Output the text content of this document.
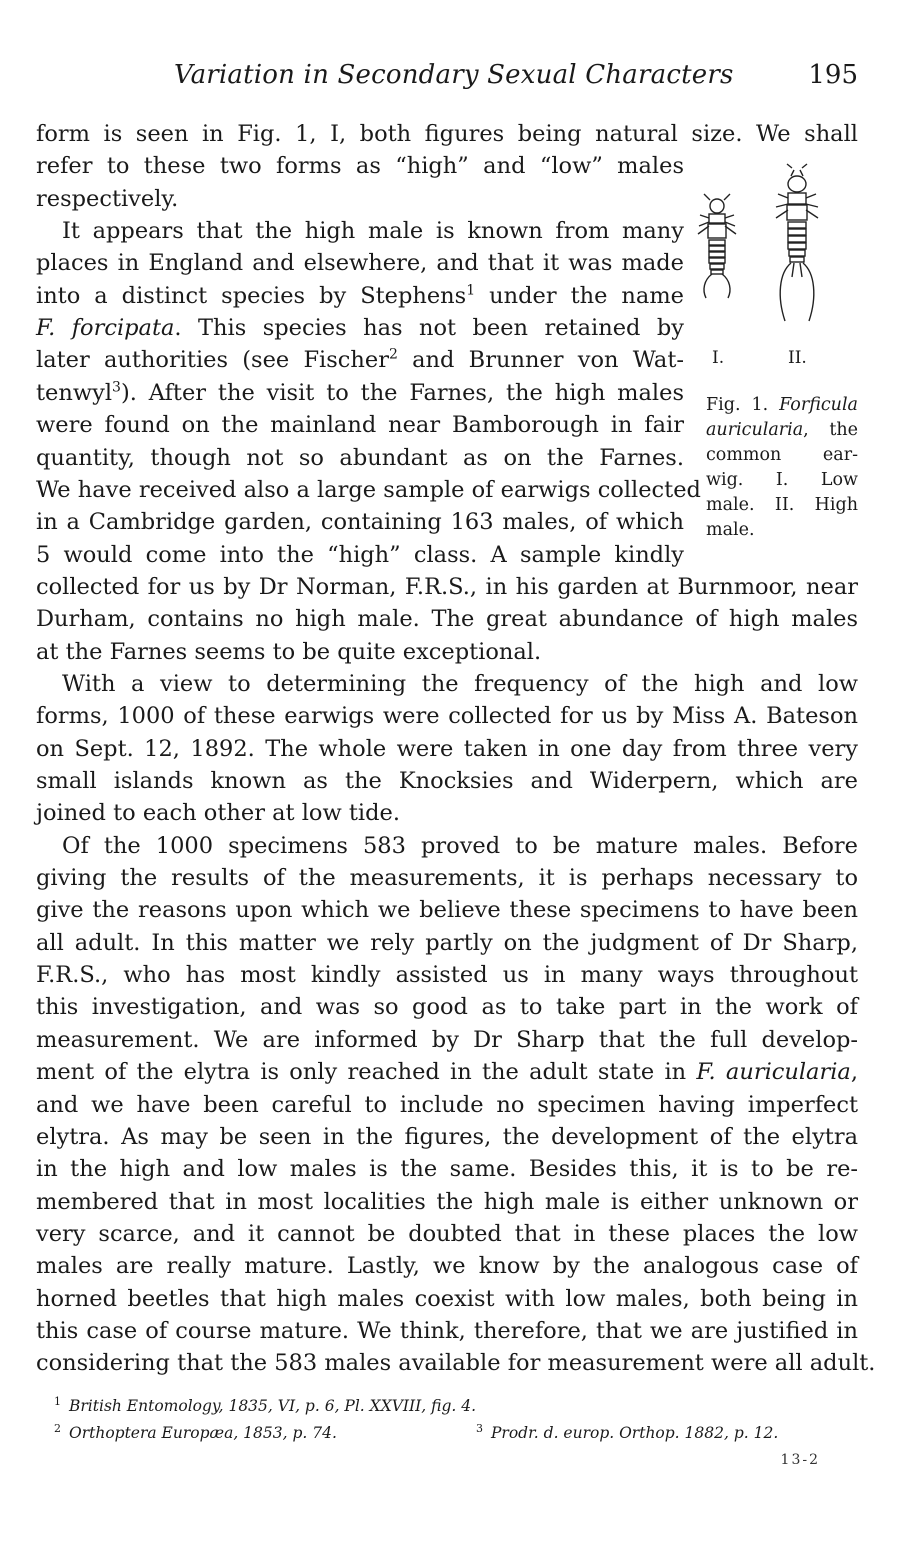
Variation in Secondary Sexual Characters	195
form is seen in Fig. 1, I, both figures being natural size. We shall
refer to these two forms as “high” and “low” males
respectively.
It appears that the high male is known from many
places in England and elsewhere, and that it was made
into a distinct species by Stephens$^1$ under the name
F. forcipata. This species has not been retained by
later authorities (see Fischer$^2$ and Brunner von Wat-
tenwyl$^3$). After the visit to the Farnes, the high males
were found on the mainland near Bamborough in fair
quantity, though not so abundant as on the Farnes.
We have received also a large sample of earwigs collected
in a Cambridge garden, containing 163 males, of which
5 would come into the “high” class. A sample kindly
collected for us by Dr Norman, F.R.S., in his garden at Burnmoor, near
Durham, contains no high male. The great abundance of high males
at the Farnes seems to be quite exceptional.
With a view to determining the frequency of the high and low
forms, 1000 of these earwigs were collected for us by Miss A. Bateson
on Sept. 12, 1892. The whole were taken in one day from three very
small islands known as the Knocksies and Widerpern, which are
joined to each other at low tide.
Of the 1000 specimens 583 proved to be mature males. Before
giving the results of the measurements, it is perhaps necessary to
give the reasons upon which we believe these specimens to have been
all adult. In this matter we rely partly on the judgment of Dr Sharp,
F.R.S., who has most kindly assisted us in many ways throughout
this investigation, and was so good as to take part in the work of
measurement. We are informed by Dr Sharp that the full develop-
ment of the elytra is only reached in the adult state in F. auricularia,
and we have been careful to include no specimen having imperfect
elytra. As may be seen in the figures, the development of the elytra
in the high and low males is the same. Besides this, it is to be re-
membered that in most localities the high male is either unknown or
very scarce, and it cannot be doubted that in these places the low
males are really mature. Lastly, we know by the analogous case of
horned beetles that high males coexist with low males, both being in
this case of course mature. We think, therefore, that we are justified in
considering that the 583 males available for measurement were all adult.
I.	II.
Fig. 1. Forficula
auricularia, the
common ear-
wig. I. Low
male. II. High
male.
$^1$ British Entomology, 1835, VI, p. 6, Pl. XXVIII, fig. 4.
$^2$ Orthoptera Europæa, 1853, p. 74.	$^3$ Prodr. d. europ. Orthop. 1882, p. 12.
13-2
